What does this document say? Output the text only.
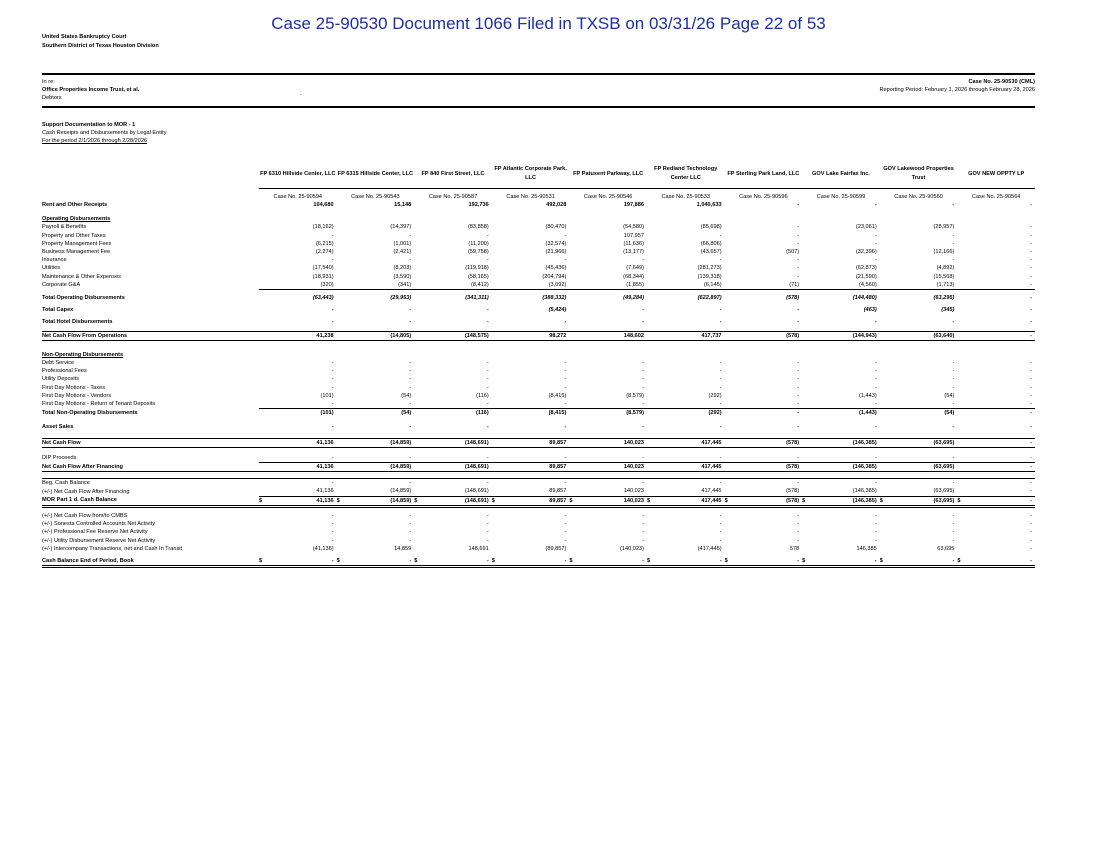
Case 25-90530 Document 1066 Filed in TXSB on 03/31/26 Page 22 of 53
United States Bankruptcy Court
Southern District of Texas Houston Division
In re:
Office Properties Income Trust, et al.
Debtors
.
Case No. 25-90530 (CML)
Reporting Period: February 1, 2026 through February 28, 2026
Support Documentation to MOR - 1
Cash Receipts and Disbursements by Legal Entity
For the period 2/1/2026 through 2/28/2026
	FP 6310 Hillside Center, LLC	FP 6315 Hillside Center, LLC	FP 840 First Street, LLC	FP Atlantic Corporate Park, LLC	FP Patuxent Parkway, LLC	FP Redland Technology Center LLC	FP Sterling Park Land, LLC	GOV Lake Fairfax Inc.	GOV Lakewood Properties Trust	GOV NEW OPPTY LP
	Case No. 25-90594	Case No. 25-90543	Case No. 25-90587	Case No. 25-90531	Case No. 25-90546	Case No. 25-90533	Case No. 25-90596	Case No. 25-90599	Case No. 25-90560	Case No. 25-90564
Rent and Other Receipts	104,680	15,148	192,736	492,028	197,886	1,040,633	-	-	-	-

Operating Disbursements										
Payroll & Benefits	(18,162)	(14,397)	(83,858)	(80,470)	(54,580)	(85,698)	-	(23,061)	(28,957)	-
Property and Other Taxes	-	-	-	-	107,957	-	-	-	-	-
Property Management Fees	(6,215)	(1,001)	(11,200)	(32,574)	(11,636)	(66,806)	-	-	-	-
Business Management Fee	(2,274)	(2,421)	(59,758)	(21,966)	(13,177)	(43,657)	(507)	(32,396)	(12,166)	-
Insurance	-	-	-	-	-	-	-	-	-	-
Utilities	(17,540)	(8,203)	(119,918)	(45,436)	(7,649)	(281,273)	-	(62,873)	(4,892)	-
Maintenance & Other Expenses	(18,931)	(3,590)	(58,165)	(204,794)	(68,344)	(139,318)	-	(21,590)	(15,568)	-
Corporate G&A	(320)	(341)	(8,412)	(3,092)	(1,855)	(6,145)	(71)	(4,560)	(1,713)	-

Total Operating Disbursements	(63,443)	(29,953)	(341,311)	(388,332)	(49,284)	(622,897)	(578)	(144,480)	(63,295)	-

Total Capex	-	-	-	(5,424)	-	-	-	(463)	(345)	-

Total Hotel Disbursements	-	-	-	-	-	-	-	-	-	-

Net Cash Flow From Operations	41,238	(14,805)	(148,575)	98,272	148,602	417,737	(578)	(144,943)	(63,640)	-

Non-Operating Disbursements										
Debt Service	-	-	-	-	-	-	-	-	-	-
Professional Fees	-	-	-	-	-	-	-	-	-	-
Utility Deposits	-	-	-	-	-	-	-	-	-	-
First Day Motions - Taxes	-	-	-	-	-	-	-	-	-	-
First Day Motions - Vendors	(101)	(54)	(116)	(8,415)	(8,579)	(292)	-	(1,443)	(54)	-
First Day Motions - Return of Tenant Deposits	-	-	-	-	-	-	-	-	-	-
Total Non-Operating Disbursements	(101)	(54)	(116)	(8,415)	(8,579)	(292)	-	(1,443)	(54)	-

Asset Sales	-	-	-	-	-	-	-	-	-	-

Net Cash Flow	41,136	(14,859)	(148,691)	89,857	140,023	417,445	(578)	(146,385)	(63,695)	-

DIP Proceeds	-	-	-	-	-	-	-	-	-	-
Net Cash Flow After Financing	41,136	(14,859)	(148,691)	89,857	140,023	417,445	(578)	(146,385)	(63,695)	-

Beg. Cash Balance	-	-	-	-	-	-	-	-	-	-
(+/-) Net Cash Flow After Financing	41,136	(14,859)	(148,691)	89,857	140,023	417,445	(578)	(146,385)	(63,695)	-
MOR Part 1 d. Cash Balance	$ 41,136	$ (14,859)	$ (148,691)	$ 89,857	$ 140,023	$ 417,445	$ (578)	$ (146,385)	$ (63,695)	$ -

(+/-) Net Cash Flow from/to CMBS	-	-	-	-	-	-	-	-	-	-
(+/-) Sonesta Controlled Accounts Net Activity	-	-	-	-	-	-	-	-	-	-
(+/-) Professional Fee Reserve Net Activity	-	-	-	-	-	-	-	-	-	-
(+/-) Utility Disbursement Reserve Net Activity	-	-	-	-	-	-	-	-	-	-
(+/-) Intercompany Transactions, net and Cash In Transit	(41,136)	14,859	148,691	(89,857)	(140,023)	(417,445)	578	146,385	63,695	-

Cash Balance End of Period, Book	$ -	$ -	$ -	$ -	$ -	$ -	$ -	$ -	$ -	$ -
